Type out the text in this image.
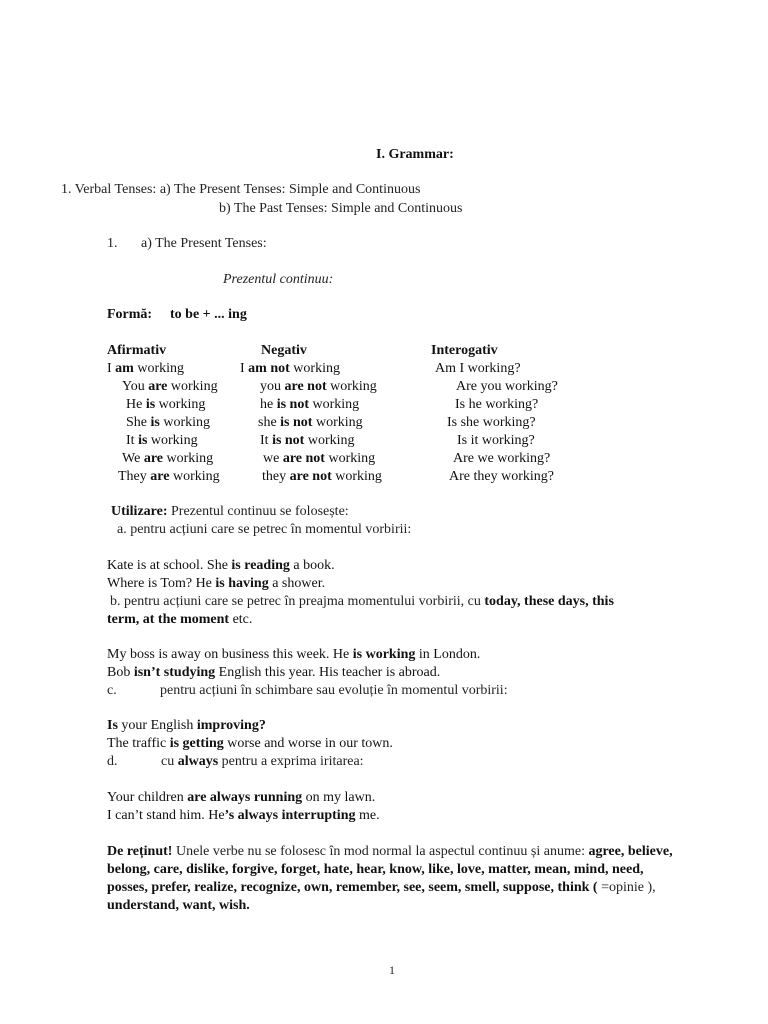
I. Grammar:
1. Verbal Tenses: a) The Present Tenses: Simple and Continuous
b) The Past Tenses: Simple and Continuous
1. a) The Present Tenses:
Prezentul continuu:
Formă: to be + ... ing
Afirmativ	Negativ	Interogativ
I am working	I am not working	Am I working?
You are working	you are not working	Are you working?
He is working	he is not working	Is he working?
She is working	she is not working	Is she working?
It is working	It is not working	Is it working?
We are working	we are not working	Are we working?
They are working	they are not working	Are they working?
Utilizare: Prezentul continuu se folosește:
a. pentru acțiuni care se petrec în momentul vorbirii:
Kate is at school. She is reading a book.
Where is Tom? He is having a shower.
b. pentru acțiuni care se petrec în preajma momentului vorbirii, cu today, these days, this
term, at the moment etc.
My boss is away on business this week. He is working in London.
Bob isn’t studying English this year. His teacher is abroad.
c.	pentru acțiuni în schimbare sau evoluție în momentul vorbirii:
Is your English improving?
The traffic is getting worse and worse in our town.
d.	cu always pentru a exprima iritarea:
Your children are always running on my lawn.
I can’t stand him. He’s always interrupting me.
De reținut! Unele verbe nu se folosesc în mod normal la aspectul continuu și anume: agree, believe, belong, care, dislike, forgive, forget, hate, hear, know, like, love, matter, mean, mind, need, posses, prefer, realize, recognize, own, remember, see, seem, smell, suppose, think ( =opinie ), understand, want, wish.
1
